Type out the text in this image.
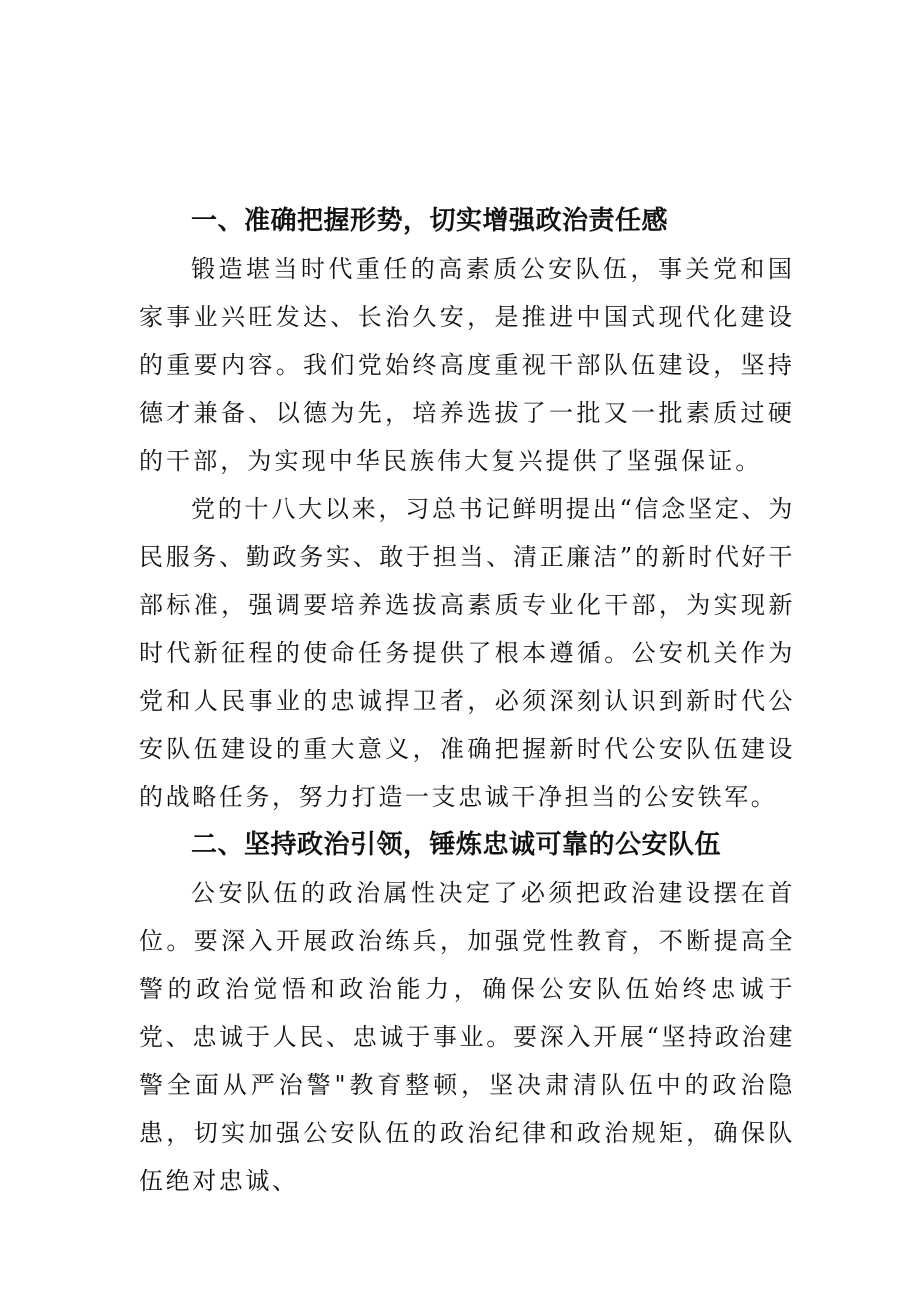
一、准确把握形势，切实增强政治责任感

锻造堪当时代重任的高素质公安队伍，事关党和国家事业兴旺发达、长治久安，是推进中国式现代化建设的重要内容。我们党始终高度重视干部队伍建设，坚持德才兼备、以德为先，培养选拔了一批又一批素质过硬的干部，为实现中华民族伟大复兴提供了坚强保证。

党的十八大以来，习总书记鲜明提出“信念坚定、为民服务、勤政务实、敢于担当、清正廉洁”的新时代好干部标准，强调要培养选拔高素质专业化干部，为实现新时代新征程的使命任务提供了根本遵循。公安机关作为党和人民事业的忠诚捍卫者，必须深刻认识到新时代公安队伍建设的重大意义，准确把握新时代公安队伍建设的战略任务，努力打造一支忠诚干净担当的公安铁军。

二、坚持政治引领，锤炼忠诚可靠的公安队伍

公安队伍的政治属性决定了必须把政治建设摆在首位。要深入开展政治练兵，加强党性教育，不断提高全警的政治觉悟和政治能力，确保公安队伍始终忠诚于党、忠诚于人民、忠诚于事业。要深入开展“坚持政治建警全面从严治警"教育整顿，坚决肃清队伍中的政治隐患，切实加强公安队伍的政治纪律和政治规矩，确保队伍绝对忠诚、
